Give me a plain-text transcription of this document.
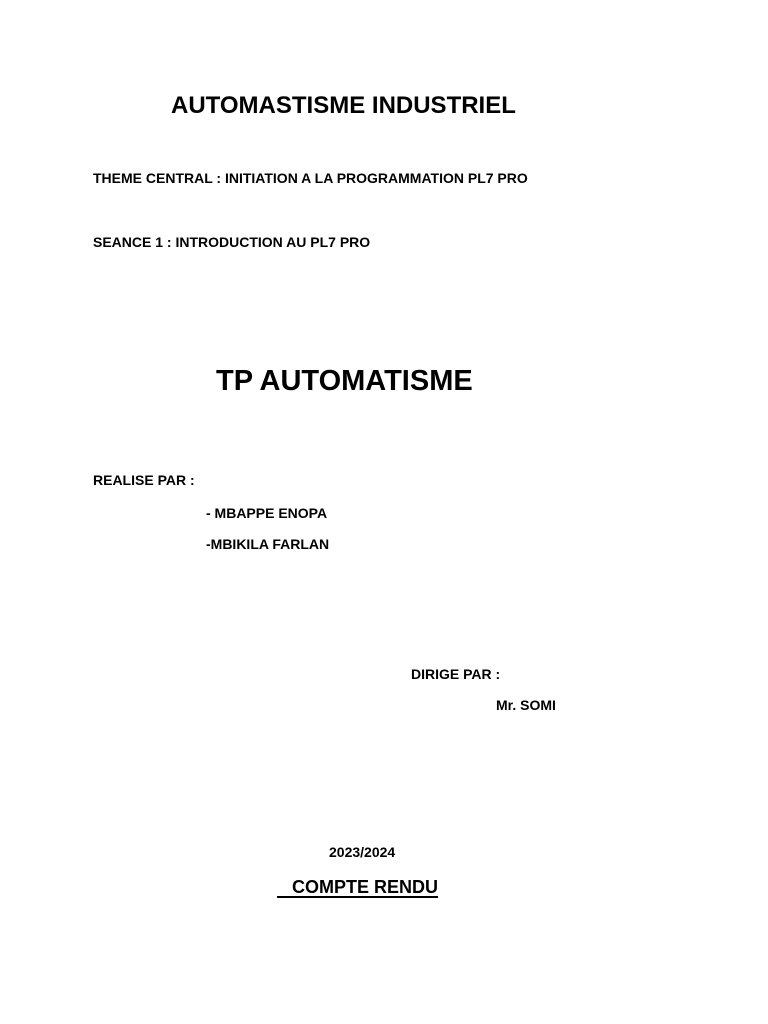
AUTOMASTISME INDUSTRIEL

THEME CENTRAL : INITIATION A LA PROGRAMMATION PL7 PRO

SEANCE 1 : INTRODUCTION AU PL7 PRO

TP AUTOMATISME

REALISE PAR :

- MBAPPE ENOPA

-MBIKILA FARLAN

DIRIGE PAR :

Mr. SOMI

2023/2024

COMPTE RENDU
